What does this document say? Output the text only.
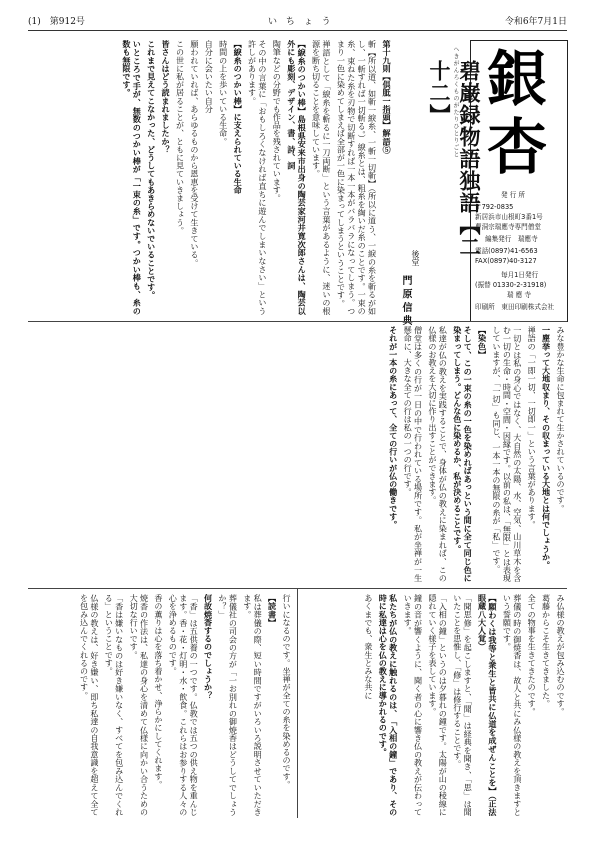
(1)　第912号	い ち ょ う	令和6年7月1日
銀
杏
発 行 所
〒792-0835
新居浜市山根町3番1号
曹洞宗瑞應寺専門僧堂
編集発行　瑞應寺
電話(0897)41-6563
FAX(0897)40-3127
毎月1日発行
(振替 01330-2-31918)
瑞 應 寺
印刷所　東田印刷株式会社
へきがんろくものがたりひとりごと
碧巌録物語独語【二十二】
後堂
門 原 信 典

第十九則【倶胝一指頭】解語⑤

斬【所以道、如斬一綟糸、一斬一切斬】（所以に道う、一綟の糸を斬るが如し、一斬すれば一切斬る。）綟糸とは、粗糸を綯いだ糸のことです。一束の糸、束ねた糸を刃物で切断すれば一本一本がバラバラになってしまう。つまり一色に染めてしまえば全部が一色に染まってしまうということです。

禅語として「綟糸を斬るに一刀両断」という言葉があるように、迷いの根源を断ち切ることを意味しています。

【綟糸のつかい棒】島根県安来市出身の陶芸家河井寛次郎さんは、陶芸以外にも彫刻、デザイン、書、詩、詞

陶筆などの分野でも作品を残されています。

その中の言葉に「おもしろくなければ直ちに遊んでしまいなさい」という許しがあります。

【綟糸のつかい棒】に支えられている生命

時間の上を歩いている生命。

自分に会いたい自分

願われていれば、あらゆるものから恩恵を受けて生きている。

この世に私が居ることが、ともに見ていきましょう。

皆さんはどう読まれましたか？

これまで見えてこなかった、どうしてもあきらめないでいることです。

いところで手が、無数のつかい棒が「一束の糸」です。つかい棒も、糸の数も無限です。

みな豊かな生命に包まれて生かされているのです。

一塵挙って大地収まり、その収まっている大地とは何でしょうか。

禅語の「一即一切、一切即一」という言葉があります。

一切とは私の身心ではなく、大自然の太陽、水、空気、山川草木を含む一切の生命・時間・空間・因縁です。以前の私は、「無限」とは表現していますが、「一切」も同じ、一本一本の無限の糸が「私」です。

【染色】

そして、この一束の糸の一色を染めればあっという間に全て同じ色に染まってしまう。どんな色に染めるか、私が決めることです。

私達が仏の教えを実践することで、身体が仏の教えに染まれば、この仏様のお教えを大切に作り出すことができます。

僧堂は多くの行が一日の中で行われている場所です。私が坐禅が一生懸命に、大きな全ての行は私の一つの行です。

それが一本の糸にあって、全ての行いが仏の働きです。

行いになるのです。坐禅が全ての糸を染めるのです。

【読書】

私は葬儀の際、短い時間ですがいろいろ説明させていただきます。

葬儀社の司会の方が「一お別れの御焼香はどうしてでしょうか？」

何故焼香するのでしょうか？

「香」は五供養の一つです。仏教では五つの供え物を重んじます。香・花・灯明・水・飲食。これらはお参りする人々の心を浄めるものです。

香の薫りは心を落ち着かせ、浄らかにしてくれます。

焼香の作法は、私達の身心を清めて仏様に向かい合うための大切な行いです。

「香は嫌いなものは好き嫌いなく、すべてを包み込んでくれる」ということです。

仏様の教えは、好き嫌い、即ち私達の自我意識を超えて全てを包み込んでくれるのです。	み仏様の教えが包み込むのです。

葛藤からこそ生きてきました。

全ての物事を生きてきたのです。

葬儀の時の御焼香は、故人と共にみ仏様の教えを頂きますという誓願です。

【願わくは我等と衆生と皆共に仏道を成ぜんことを】（正法眼蔵八大人覚）

「聞思修」を起こしますと、「聞」は経典を聞き、「思」は聞いたことを思惟し、「修」は修行することです。

「入相の鐘」というのは夕暮れの鐘です。太陽が山の稜線に隠れていく様子を表しています。

鐘の音が響くように、聞く者の心に響き仏の教えが伝わっていきます。

私たちが仏の教えに触れるのは、「入相の鐘」であり、その時に私達は心を仏の教えに導かれるのです。

あくまでも、衆生とみな共に
